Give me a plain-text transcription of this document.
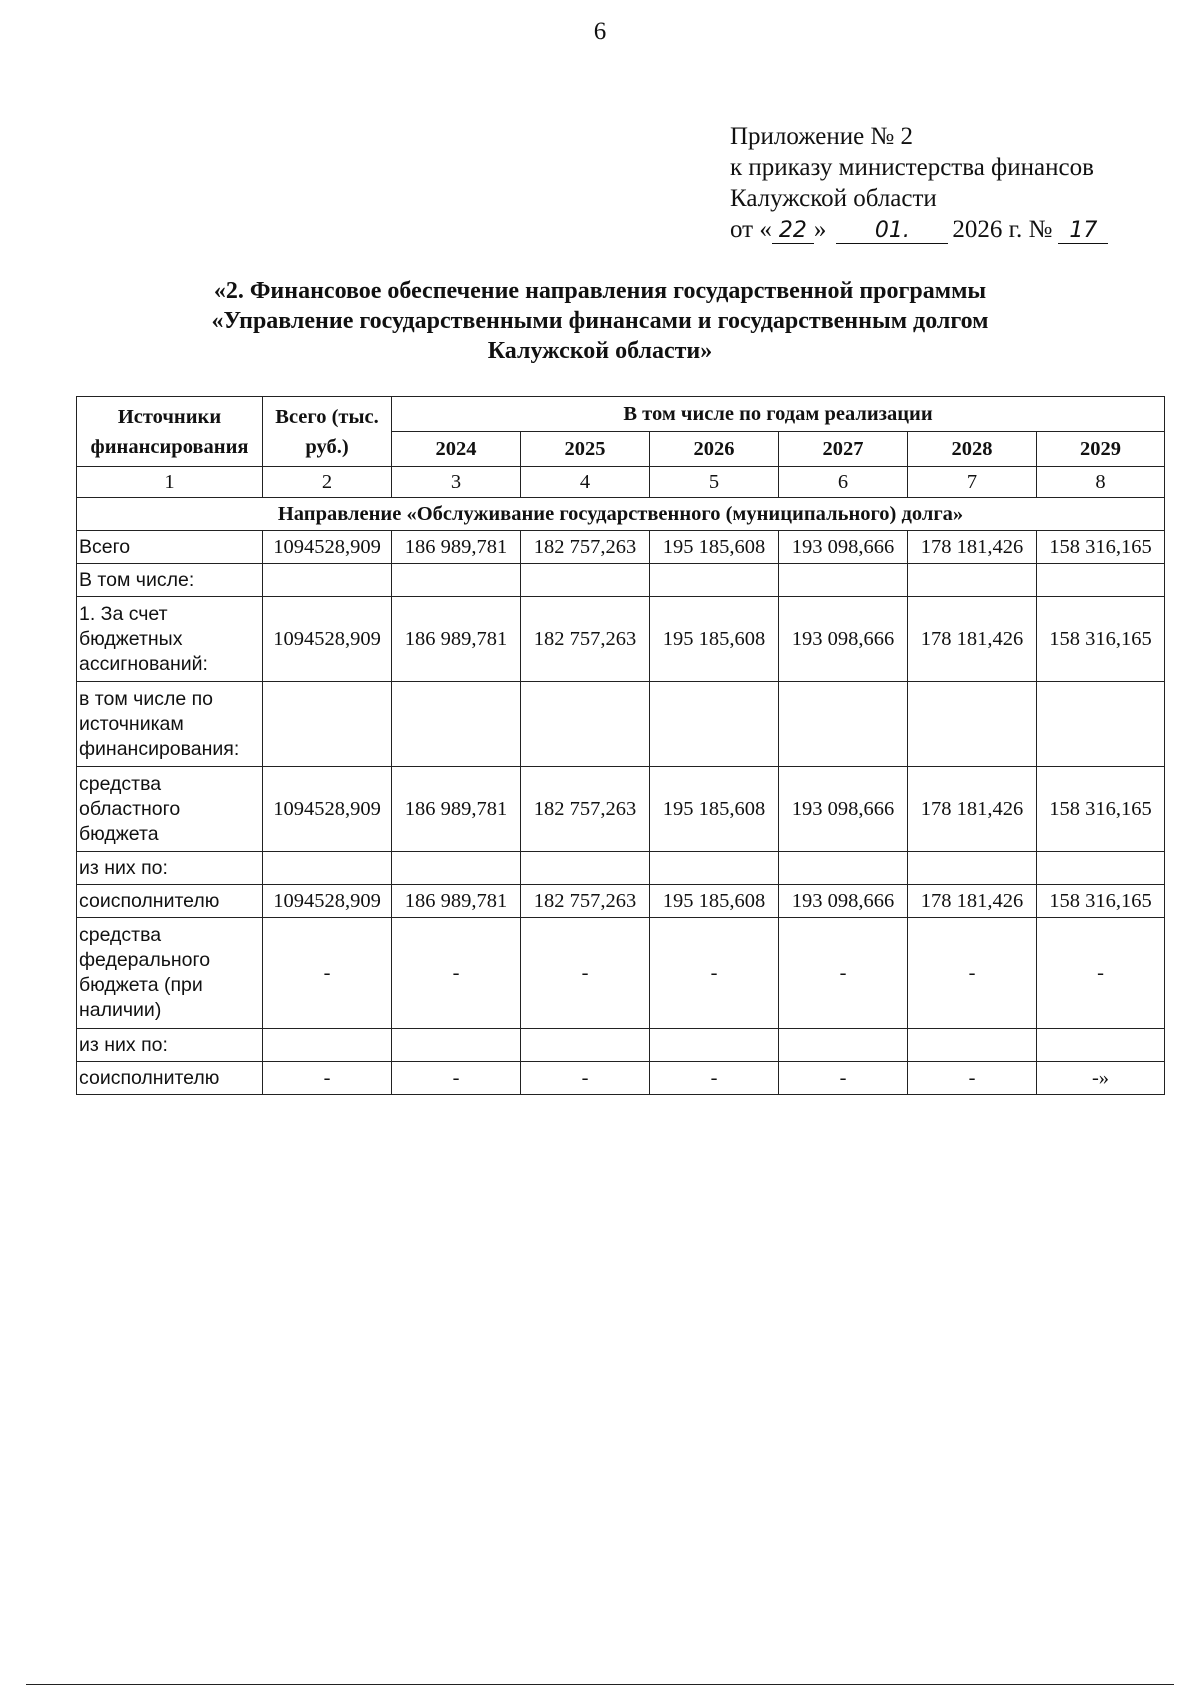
6
Приложение № 2
к приказу министерства финансов
Калужской области
от « 22 » 01. 2026 г. № 17
«2. Финансовое обеспечение направления государственной программы
«Управление государственными финансами и государственным долгом
Калужской области»
Источники финансирования	Всего (тыс. руб.)	В том числе по годам реализации					
		2024	2025	2026	2027	2028	2029
1	2	3	4	5	6	7	8
Направление «Обслуживание государственного (муниципального) долга»							
Всего	1094528,909	186 989,781	182 757,263	195 185,608	193 098,666	178 181,426	158 316,165
В том числе:							
1. За счет бюджетных ассигнований:	1094528,909	186 989,781	182 757,263	195 185,608	193 098,666	178 181,426	158 316,165
в том числе по источникам финансирования:							
средства областного бюджета	1094528,909	186 989,781	182 757,263	195 185,608	193 098,666	178 181,426	158 316,165
из них по:							
соисполнителю	1094528,909	186 989,781	182 757,263	195 185,608	193 098,666	178 181,426	158 316,165
средства федерального бюджета (при наличии)	-	-	-	-	-	-	-
из них по:							
соисполнителю	-	-	-	-	-	-	-»
